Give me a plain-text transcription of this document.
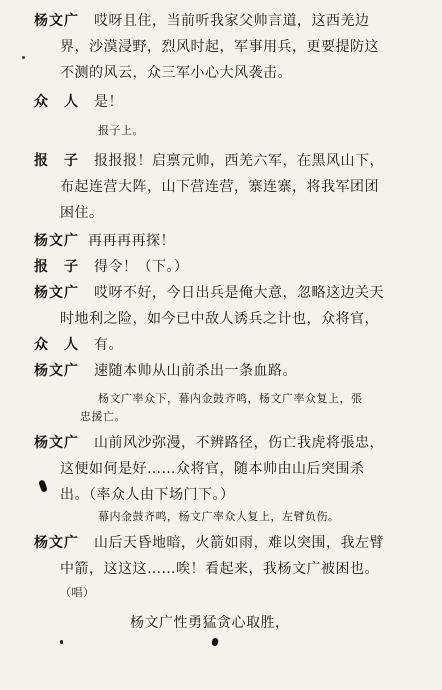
杨文广 哎呀且住，当前听我家父帅言道，这西羌边
界，沙漠浸野，烈风时起，军事用兵，更要提防这
不测的风云，众三军小心大风袭击。
众　人 是！
报子上。
报　子 报报报！启禀元帅，西羌六军，在黑风山下，
布起连营大阵，山下营连营，寨连寨，将我军团团
困住。
杨文广 再再再再探！
报　子 得令！（下。）
杨文广 哎呀不好，今日出兵是俺大意，忽略这边关天
时地利之险，如今已中敌人诱兵之计也，众将官，
众　人 有。
杨文广 速随本帅从山前杀出一条血路。
杨文广率众下，幕内金鼓齐鸣，杨文广率众复上，張
忠援亡。
杨文广 山前风沙弥漫，不辨路径，伤亡我虎将張忠，
这便如何是好……众将官，随本帅由山后突围杀
出。（率众人由下场门下。）
幕内金鼓齐鸣，杨文广率众人复上，左臂负伤。
杨文广 山后天昏地暗，火箭如雨，难以突围，我左臂
中箭，这这这……唉！看起来，我杨文广被困也。
（唱）
杨文广性勇猛贪心取胜，
